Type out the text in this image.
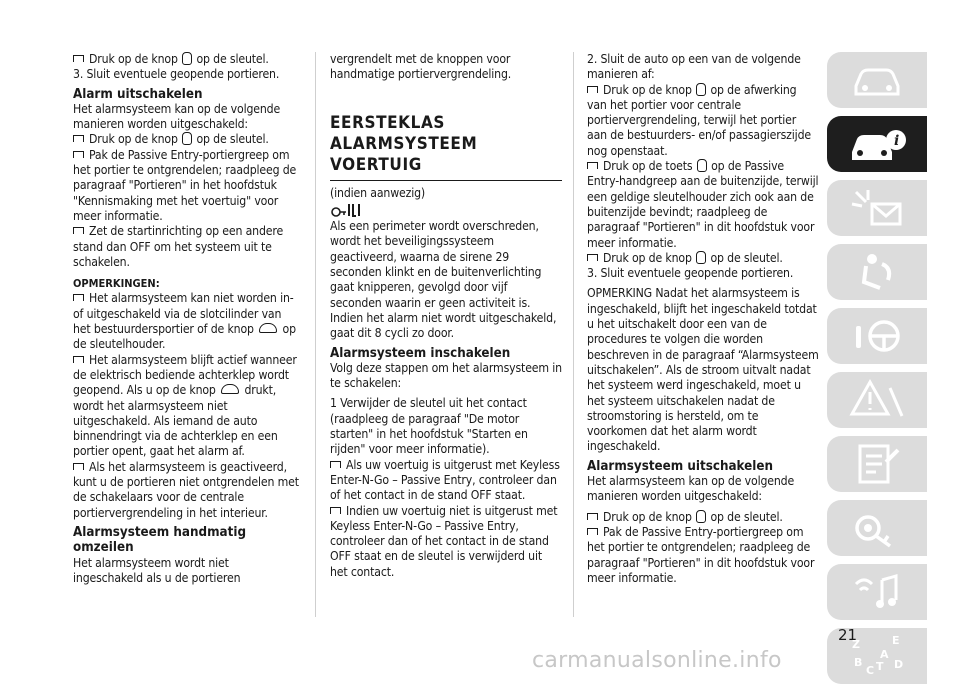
Druk op de knop op de sleutel.

3. Sluit eventuele geopende portieren.

Alarm uitschakelen

Het alarmsysteem kan op de volgende manieren worden uitgeschakeld:

Druk op de knop op de sleutel.

Pak de Passive Entry-portiergreep om het portier te ontgrendelen; raadpleeg de paragraaf "Portieren" in het hoofdstuk "Kennismaking met het voertuig" voor meer informatie.

Zet de startinrichting op een andere stand dan OFF om het systeem uit te schakelen.

OPMERKINGEN:

Het alarmsysteem kan niet worden in- of uitgeschakeld via de slotcilinder van het bestuurdersportier of de knop op de sleutelhouder.

Het alarmsysteem blijft actief wanneer de elektrisch bediende achterklep wordt geopend. Als u op de knop drukt, wordt het alarmsysteem niet uitgeschakeld. Als iemand de auto binnendringt via de achterklep en een portier opent, gaat het alarm af.

Als het alarmsysteem is geactiveerd, kunt u de portieren niet ontgrendelen met de schakelaars voor de centrale portiervergrendeling in het interieur.

Alarmsysteem handmatig omzeilen

Het alarmsysteem wordt niet ingeschakeld als u de portieren

vergrendelt met de knoppen voor handmatige portiervergrendeling.

EERSTEKLAS ALARMSYSTEEM VOERTUIG

(indien aanwezig)

Als een perimeter wordt overschreden, wordt het beveiligingssysteem geactiveerd, waarna de sirene 29 seconden klinkt en de buitenverlichting gaat knipperen, gevolgd door vijf seconden waarin er geen activiteit is. Indien het alarm niet wordt uitgeschakeld, gaat dit 8 cycli zo door.

Alarmsysteem inschakelen

Volg deze stappen om het alarmsysteem in te schakelen:

1 Verwijder de sleutel uit het contact (raadpleeg de paragraaf "De motor starten" in het hoofdstuk "Starten en rijden" voor meer informatie).

Als uw voertuig is uitgerust met Keyless Enter-N-Go – Passive Entry, controleer dan of het contact in de stand OFF staat.

Indien uw voertuig niet is uitgerust met Keyless Enter-N-Go – Passive Entry, controleer dan of het contact in de stand OFF staat en de sleutel is verwijderd uit het contact.

2. Sluit de auto op een van de volgende manieren af:

Druk op de knop op de afwerking van het portier voor centrale portiervergrendeling, terwijl het portier aan de bestuurders- en/of passagierszijde nog openstaat.

Druk op de toets op de Passive Entry-handgreep aan de buitenzijde, terwijl een geldige sleutelhouder zich ook aan de buitenzijde bevindt; raadpleeg de paragraaf "Portieren" in dit hoofdstuk voor meer informatie.

Druk op de knop op de sleutel.

3. Sluit eventuele geopende portieren.

OPMERKING Nadat het alarmsysteem is ingeschakeld, blijft het ingeschakeld totdat u het uitschakelt door een van de procedures te volgen die worden beschreven in de paragraaf “Alarmsysteem uitschakelen”. Als de stroom uitvalt nadat het systeem werd ingeschakeld, moet u het systeem uitschakelen nadat de stroomstoring is hersteld, om te voorkomen dat het alarm wordt ingeschakeld.

Alarmsysteem uitschakelen

Het alarmsysteem kan op de volgende manieren worden uitgeschakeld:

Druk op de knop op de sleutel.

Pak de Passive Entry-portiergreep om het portier te ontgrendelen; raadpleeg de paragraaf "Portieren" in dit hoofdstuk voor meer informatie.

i
Z	E
A
B
C T D
21
carmanualsonline.info
